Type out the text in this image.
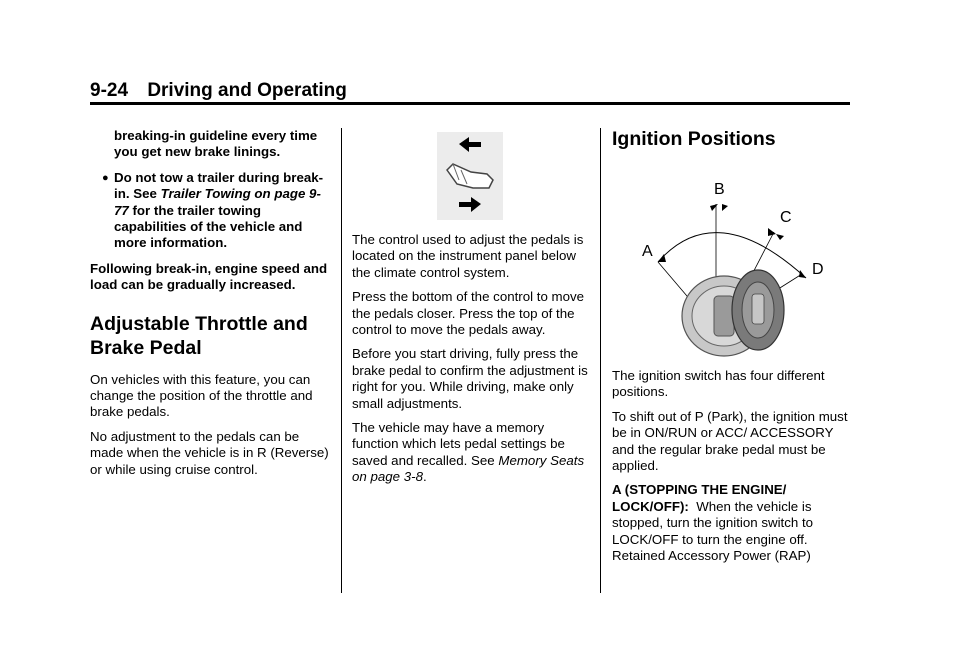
9-24 Driving and Operating

breaking-in guideline every time you get new brake linings.

● Do not tow a trailer during break-in. See Trailer Towing on page 9-77 for the trailer towing capabilities of the vehicle and more information.

Following break-in, engine speed and load can be gradually increased.

Adjustable Throttle and Brake Pedal

On vehicles with this feature, you can change the position of the throttle and brake pedals.

No adjustment to the pedals can be made when the vehicle is in R (Reverse) or while using cruise control.

The control used to adjust the pedals is located on the instrument panel below the climate control system.

Press the bottom of the control to move the pedals closer. Press the top of the control to move the pedals away.

Before you start driving, fully press the brake pedal to confirm the adjustment is right for you. While driving, make only small adjustments.

The vehicle may have a memory function which lets pedal settings be saved and recalled. See Memory Seats on page 3-8.

Ignition Positions
A
B
C
D

The ignition switch has four different positions.

To shift out of P (Park), the ignition must be in ON/RUN or ACC/ ACCESSORY and the regular brake pedal must be applied.

A (STOPPING THE ENGINE/ LOCK/OFF): When the vehicle is stopped, turn the ignition switch to LOCK/OFF to turn the engine off. Retained Accessory Power (RAP)
